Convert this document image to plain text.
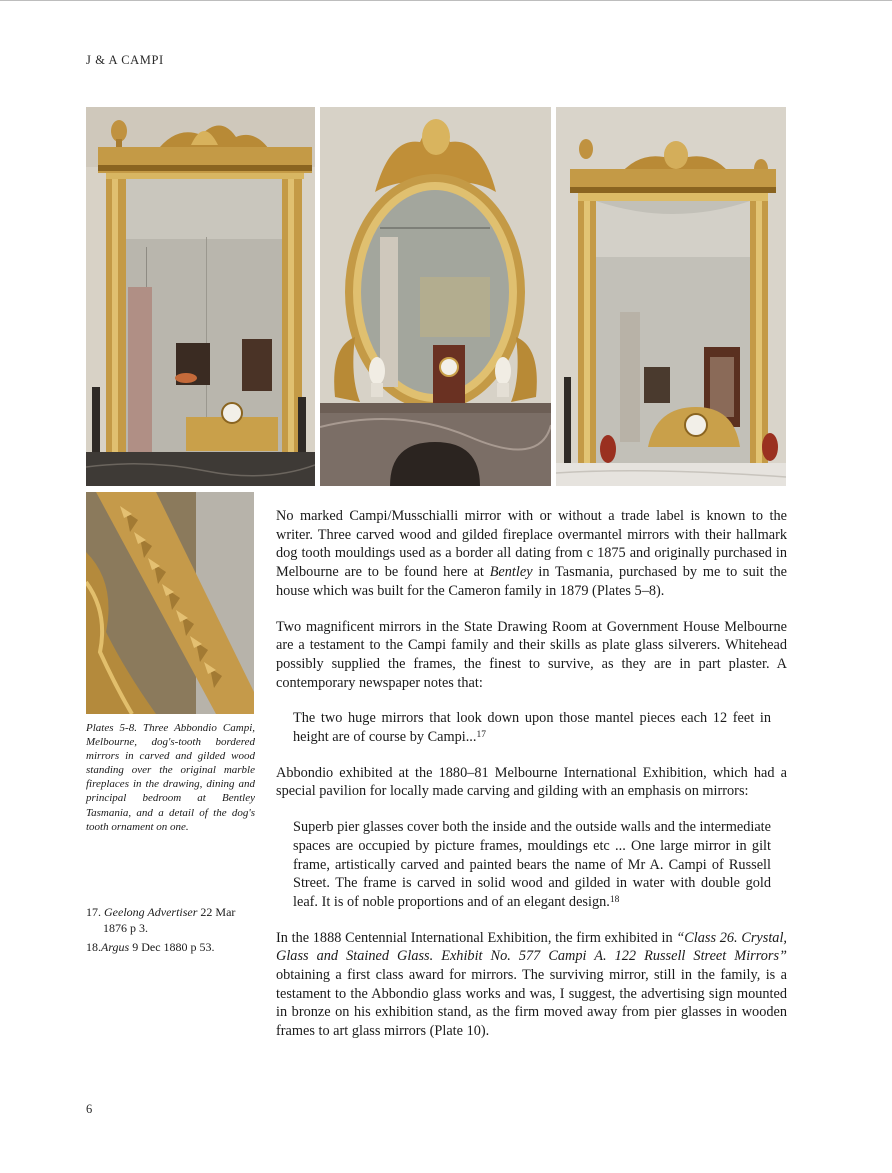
J & A CAMPI

Plates 5-8. Three Abbondio Campi, Melbourne, dog's-tooth bordered mirrors in carved and gilded wood standing over the original marble fireplaces in the drawing, dining and principal bedroom at Bentley Tasmania, and a detail of the dog's tooth ornament on one.

17. Geelong Advertiser 22 Mar
1876 p 3.

18.Argus 9 Dec 1880 p 53.

No marked Campi/Musschialli mirror with or without a trade label is known to the writer. Three carved wood and gilded fireplace overmantel mirrors with their hallmark dog tooth mouldings used as a border all dating from c 1875 and originally purchased in Melbourne are to be found here at Bentley in Tasmania, purchased by me to suit the house which was built for the Cameron family in 1879 (Plates 5–8).

Two magnificent mirrors in the State Drawing Room at Government House Melbourne are a testament to the Campi family and their skills as plate glass silverers. Whitehead possibly supplied the frames, the finest to survive, as they are in part plaster. A contemporary newspaper notes that:

The two huge mirrors that look down upon those mantel pieces each 12 feet in height are of course by Campi...$^{17}$

Abbondio exhibited at the 1880–81 Melbourne International Exhibition, which had a special pavilion for locally made carving and gilding with an emphasis on mirrors:

Superb pier glasses cover both the inside and the outside walls and the intermediate spaces are occupied by picture frames, mouldings etc ... One large mirror in gilt frame, artistically carved and painted bears the name of Mr A. Campi of Russell Street. The frame is carved in solid wood and gilded in water with double gold leaf. It is of noble proportions and of an elegant design.$^{18}$

In the 1888 Centennial International Exhibition, the firm exhibited in “Class 26. Crystal, Glass and Stained Glass. Exhibit No. 577 Campi A. 122 Russell Street Mirrors” obtaining a first class award for mirrors. The surviving mirror, still in the family, is a testament to the Abbondio glass works and was, I suggest, the advertising sign mounted in bronze on his exhibition stand, as the firm moved away from pier glasses in wooden frames to art glass mirrors (Plate 10).

6
